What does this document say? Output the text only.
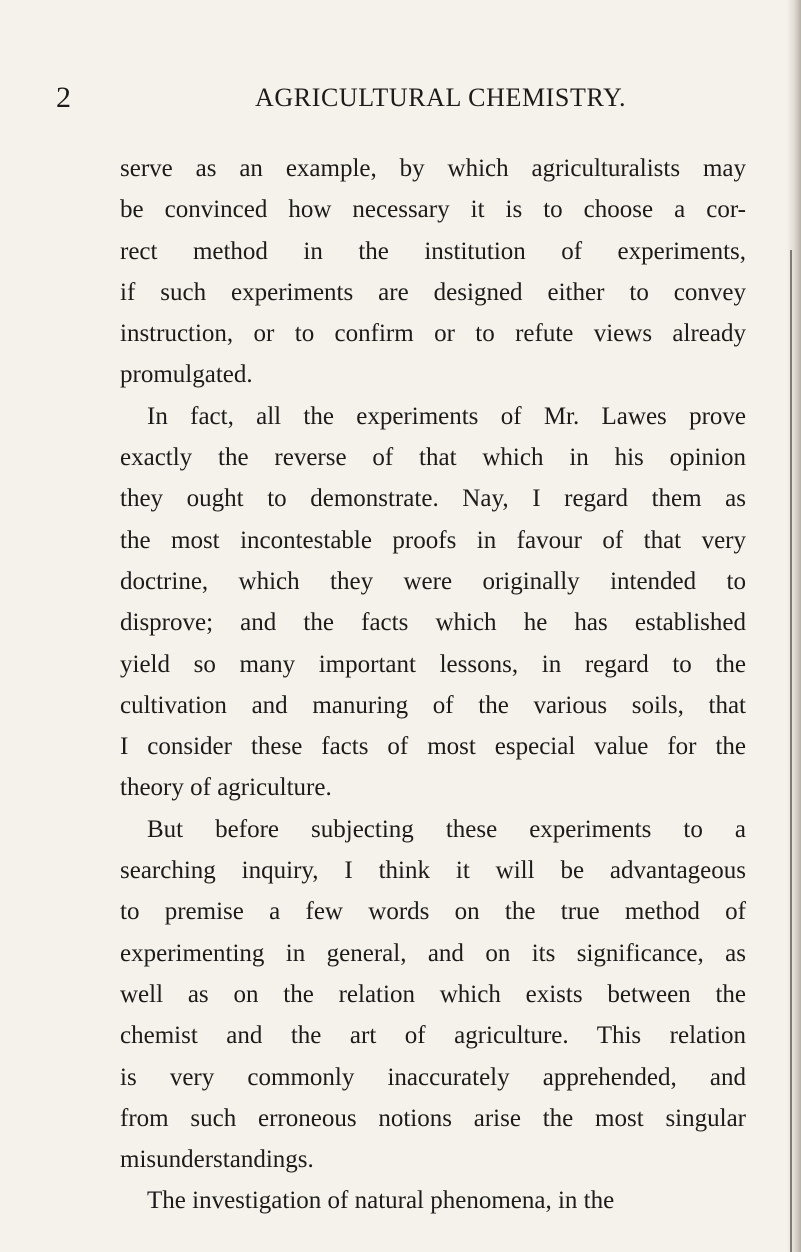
2	AGRICULTURAL CHEMISTRY.

serve as an example, by which agriculturalists may
be convinced how necessary it is to choose a cor-
rect method in the institution of experiments,
if such experiments are designed either to convey
instruction, or to confirm or to refute views already
promulgated.

In fact, all the experiments of Mr. Lawes prove
exactly the reverse of that which in his opinion
they ought to demonstrate. Nay, I regard them as
the most incontestable proofs in favour of that very
doctrine, which they were originally intended to
disprove; and the facts which he has established
yield so many important lessons, in regard to the
cultivation and manuring of the various soils, that
I consider these facts of most especial value for the
theory of agriculture.

But before subjecting these experiments to a
searching inquiry, I think it will be advantageous
to premise a few words on the true method of
experimenting in general, and on its significance, as
well as on the relation which exists between the
chemist and the art of agriculture. This relation
is very commonly inaccurately apprehended, and
from such erroneous notions arise the most singular
misunderstandings.

The investigation of natural phenomena, in the
